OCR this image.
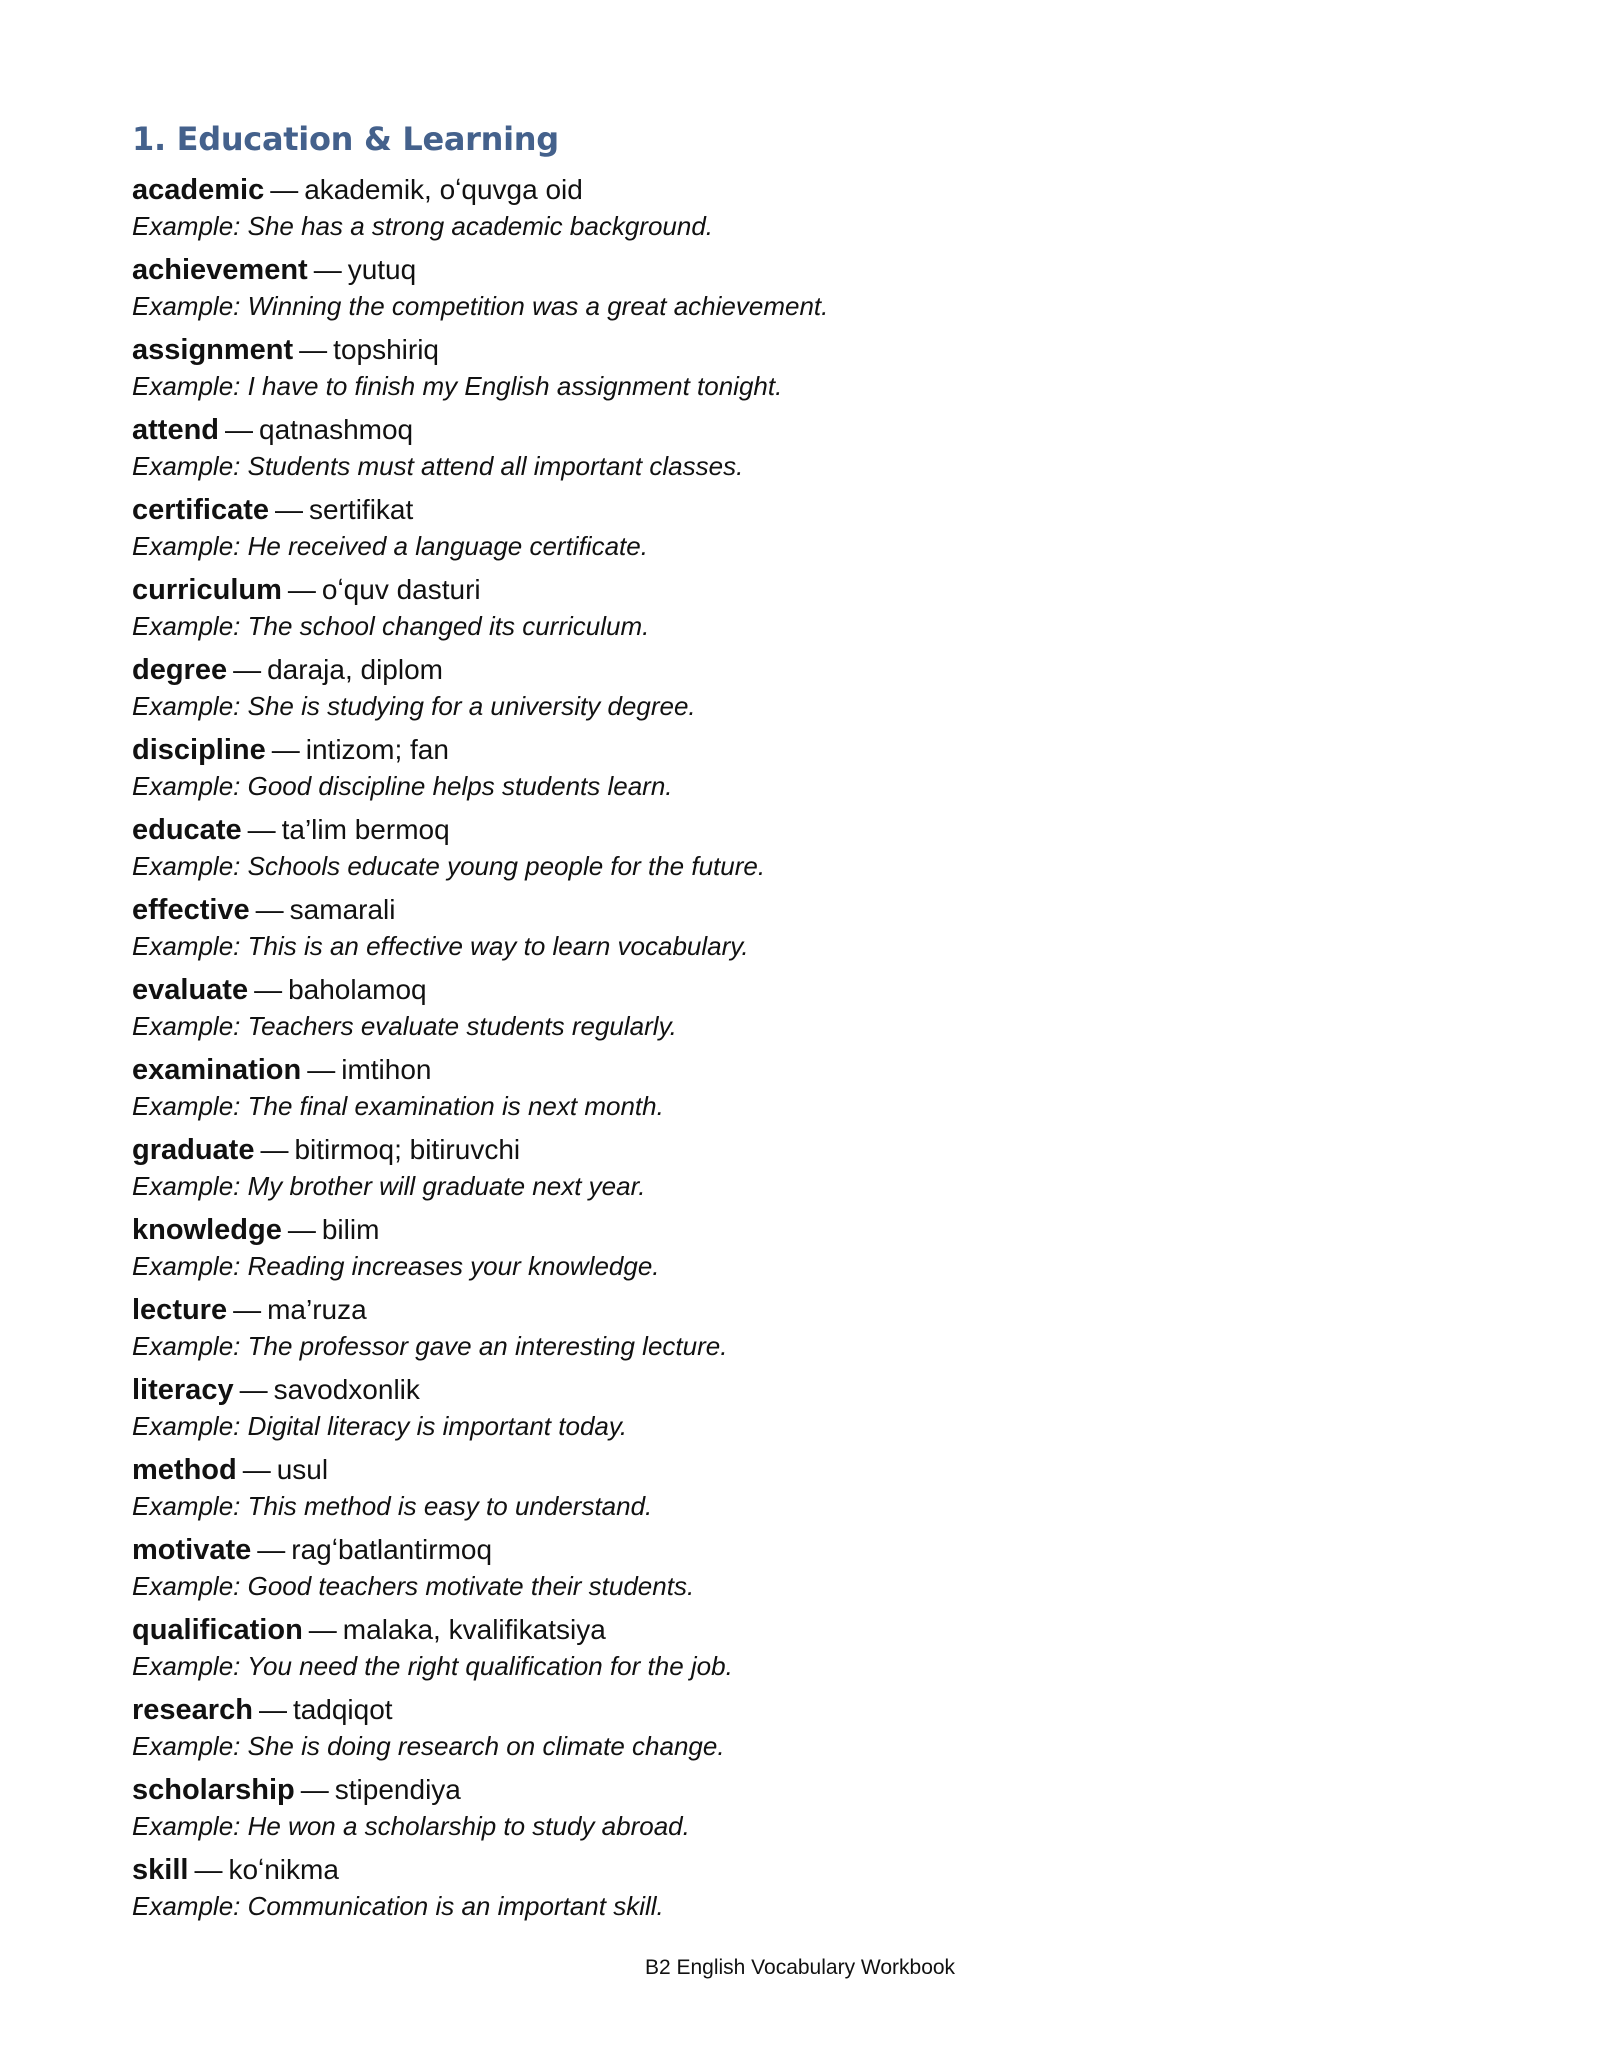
1. Education & Learning
academic — akademik, oʻquvga oid
Example: She has a strong academic background.
achievement — yutuq
Example: Winning the competition was a great achievement.
assignment — topshiriq
Example: I have to finish my English assignment tonight.
attend — qatnashmoq
Example: Students must attend all important classes.
certificate — sertifikat
Example: He received a language certificate.
curriculum — oʻquv dasturi
Example: The school changed its curriculum.
degree — daraja, diplom
Example: She is studying for a university degree.
discipline — intizom; fan
Example: Good discipline helps students learn.
educate — ta’lim bermoq
Example: Schools educate young people for the future.
effective — samarali
Example: This is an effective way to learn vocabulary.
evaluate — baholamoq
Example: Teachers evaluate students regularly.
examination — imtihon
Example: The final examination is next month.
graduate — bitirmoq; bitiruvchi
Example: My brother will graduate next year.
knowledge — bilim
Example: Reading increases your knowledge.
lecture — ma’ruza
Example: The professor gave an interesting lecture.
literacy — savodxonlik
Example: Digital literacy is important today.
method — usul
Example: This method is easy to understand.
motivate — ragʻbatlantirmoq
Example: Good teachers motivate their students.
qualification — malaka, kvalifikatsiya
Example: You need the right qualification for the job.
research — tadqiqot
Example: She is doing research on climate change.
scholarship — stipendiya
Example: He won a scholarship to study abroad.
skill — koʻnikma
Example: Communication is an important skill.
B2 English Vocabulary Workbook
